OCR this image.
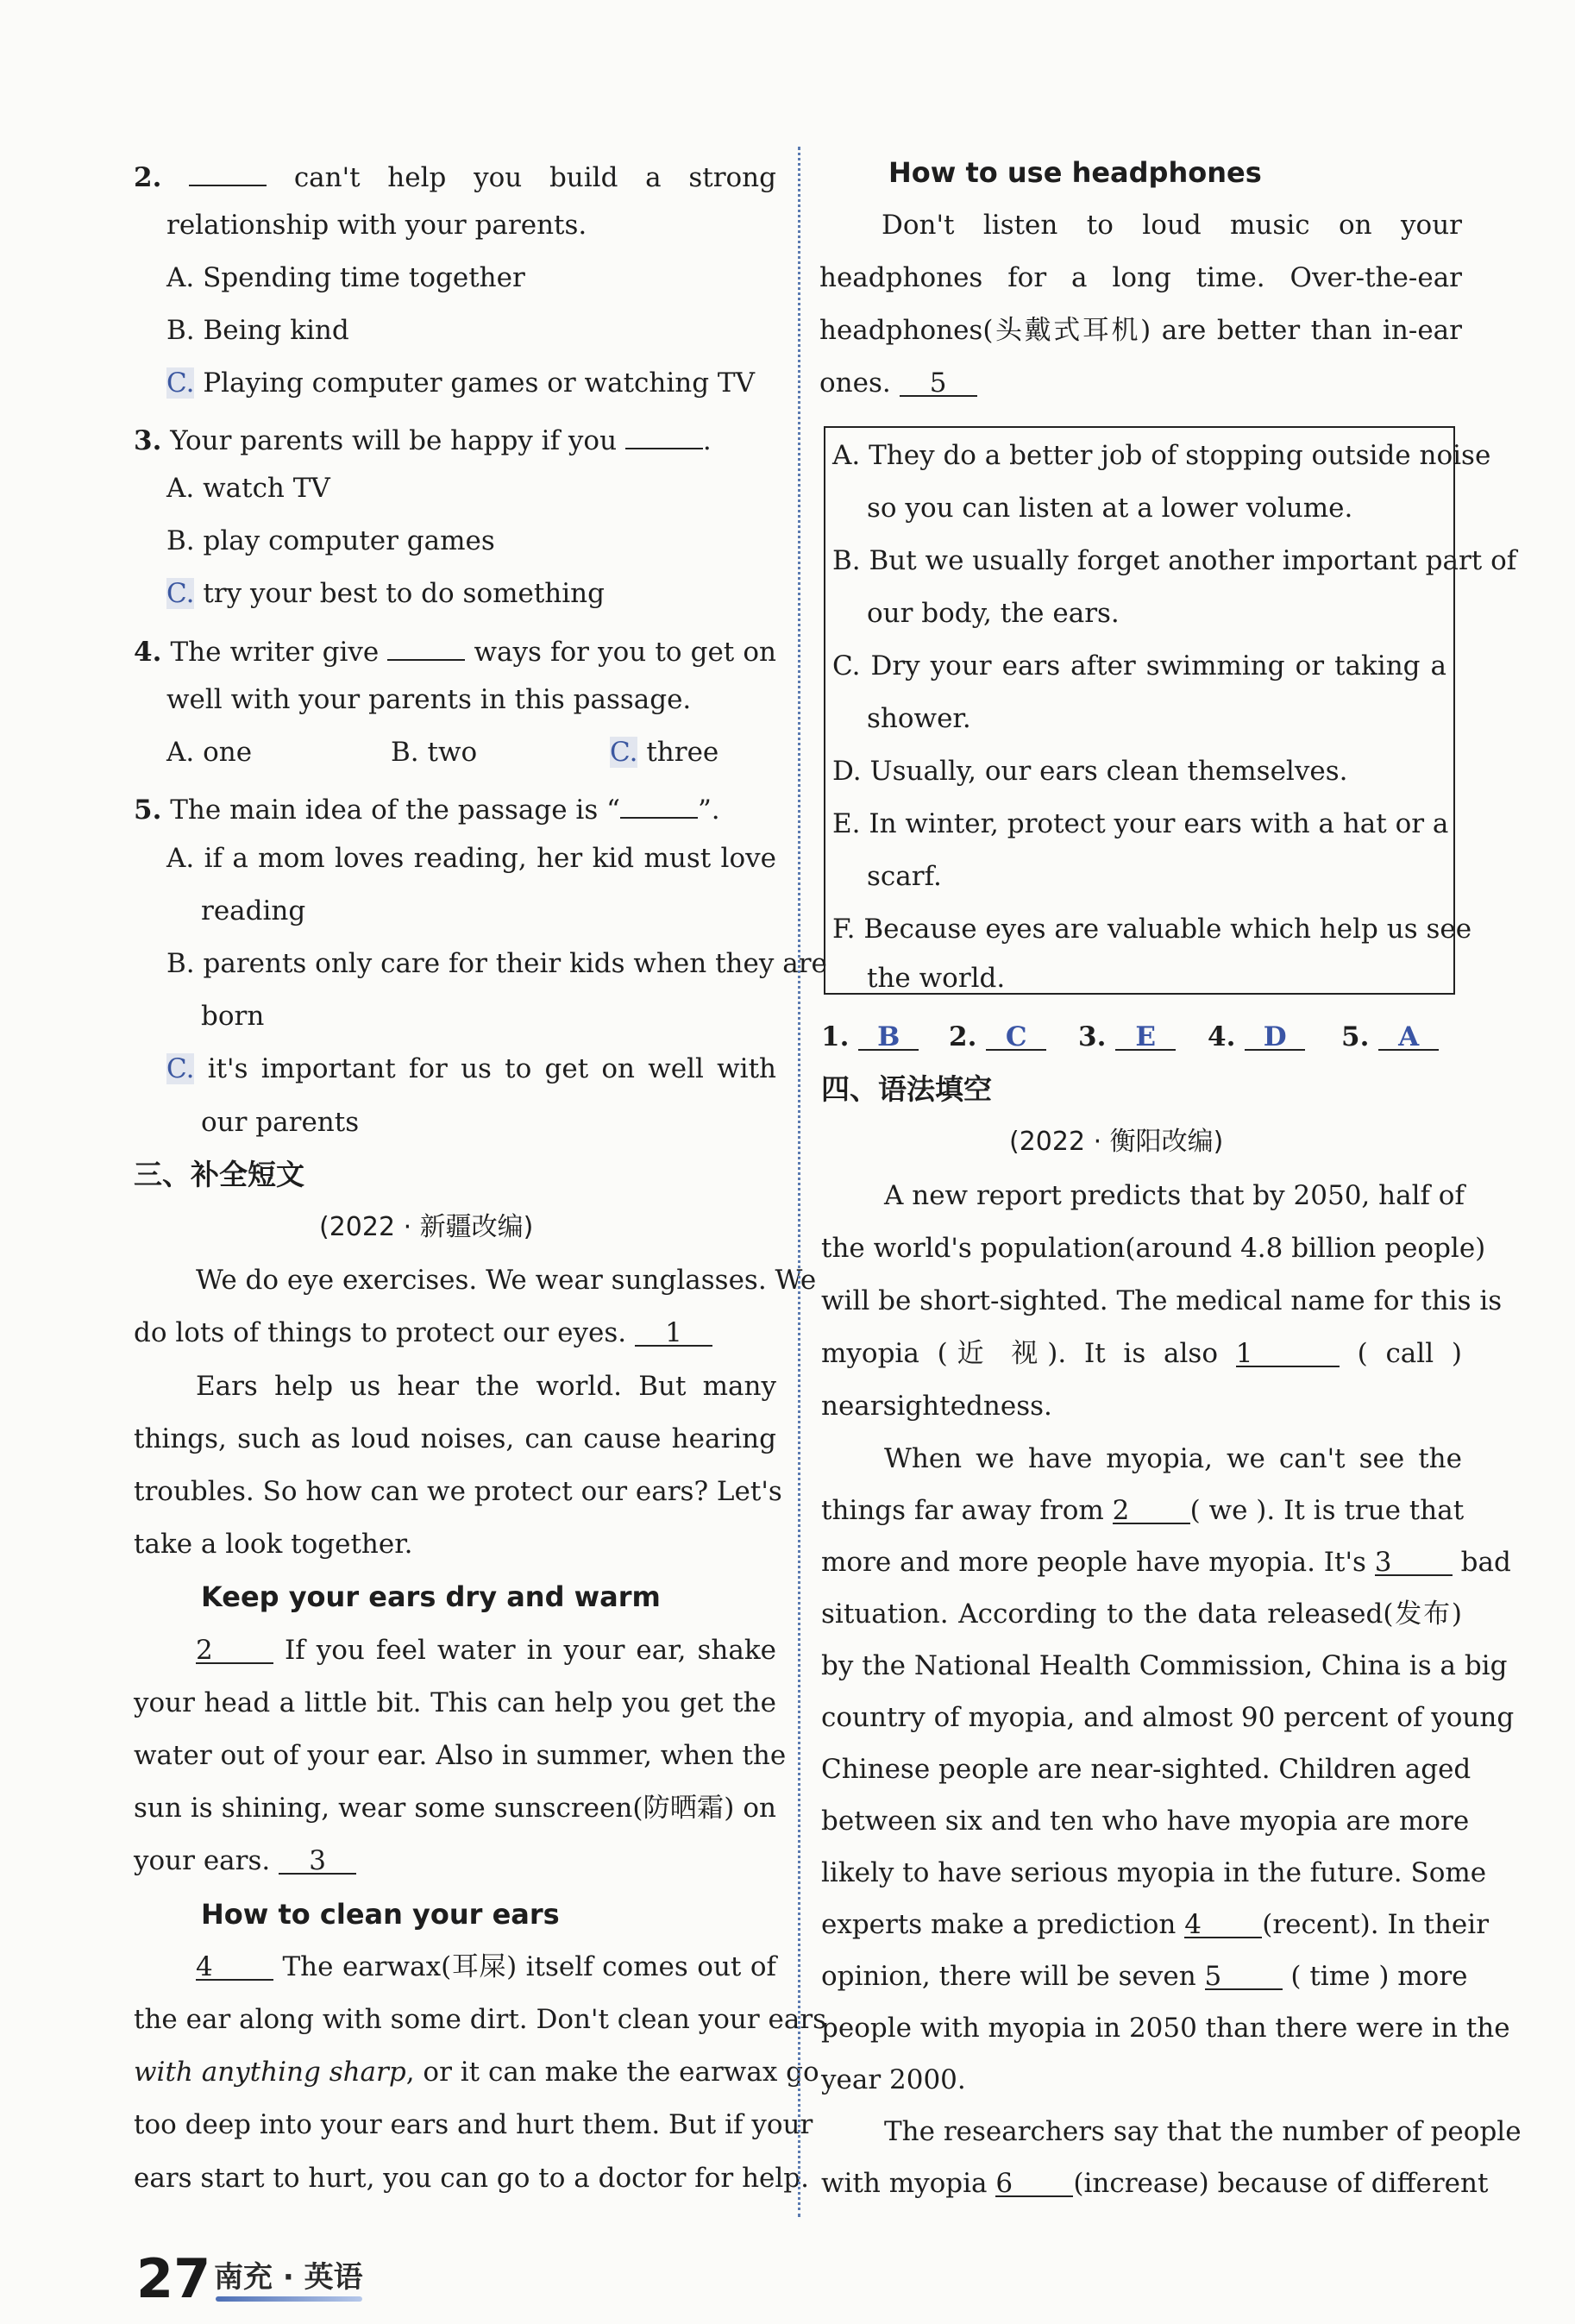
2.	can't help you build a strong
relationship with your parents.
A. Spending time together
B. Being kind
C. Playing computer games or watching TV
3. Your parents will be happy if you	.
A. watch TV
B. play computer games
C. try your best to do something
4. The writer give	ways for you to get on
well with your parents in this passage.
A. one	B. two	C. three
5. The main idea of the passage is “	”.
A. if a mom loves reading, her kid must love
reading
B. parents only care for their kids when they are
born
C. it's important for us to get on well with
our parents
三、补全短文
(2022 · 新疆改编)
We do eye exercises. We wear sunglasses. We
do lots of things to protect our eyes. 1
Ears help us hear the world. But many
things, such as loud noises, can cause hearing
troubles. So how can we protect our ears? Let's
take a look together.
Keep your ears dry and warm
2	If you feel water in your ear, shake
your head a little bit. This can help you get the
water out of your ear. Also in summer, when the
sun is shining, wear some sunscreen(防晒霜) on
your ears. 3
How to clean your ears
4	The earwax(耳屎) itself comes out of
the ear along with some dirt. Don't clean your ears
with anything sharp, or it can make the earwax go
too deep into your ears and hurt them. But if your
ears start to hurt, you can go to a doctor for help.
How to use headphones
Don't listen to loud music on your
headphones for a long time. Over-the-ear
headphones(头戴式耳机) are better than in-ear
ones. 5
A. They do a better job of stopping outside noise
so you can listen at a lower volume.
B. But we usually forget another important part of
our body, the ears.
C. Dry your ears after swimming or taking a
shower.
D. Usually, our ears clean themselves.
E. In winter, protect your ears with a hat or a
scarf.
F. Because eyes are valuable which help us see
the world.
1. B	2. C	3. E	4. D	5. A
四、语法填空
(2022 · 衡阳改编)
A new report predicts that by 2050, half of
the world's population(around 4.8 billion people)
will be short-sighted. The medical name for this is
myopia (近 视). It is also 1	( call )
nearsightedness.
When we have myopia, we can't see the
things far away from 2 ( we ). It is true that
more and more people have myopia. It's 3	bad
situation. According to the data released(发布)
by the National Health Commission, China is a big
country of myopia, and almost 90 percent of young
Chinese people are near-sighted. Children aged
between six and ten who have myopia are more
likely to have serious myopia in the future. Some
experts make a prediction 4 (recent). In their
opinion, there will be seven 5	( time ) more
people with myopia in 2050 than there were in the
year 2000.
The researchers say that the number of people
with myopia 6 (increase) because of different
27 南充 · 英语
